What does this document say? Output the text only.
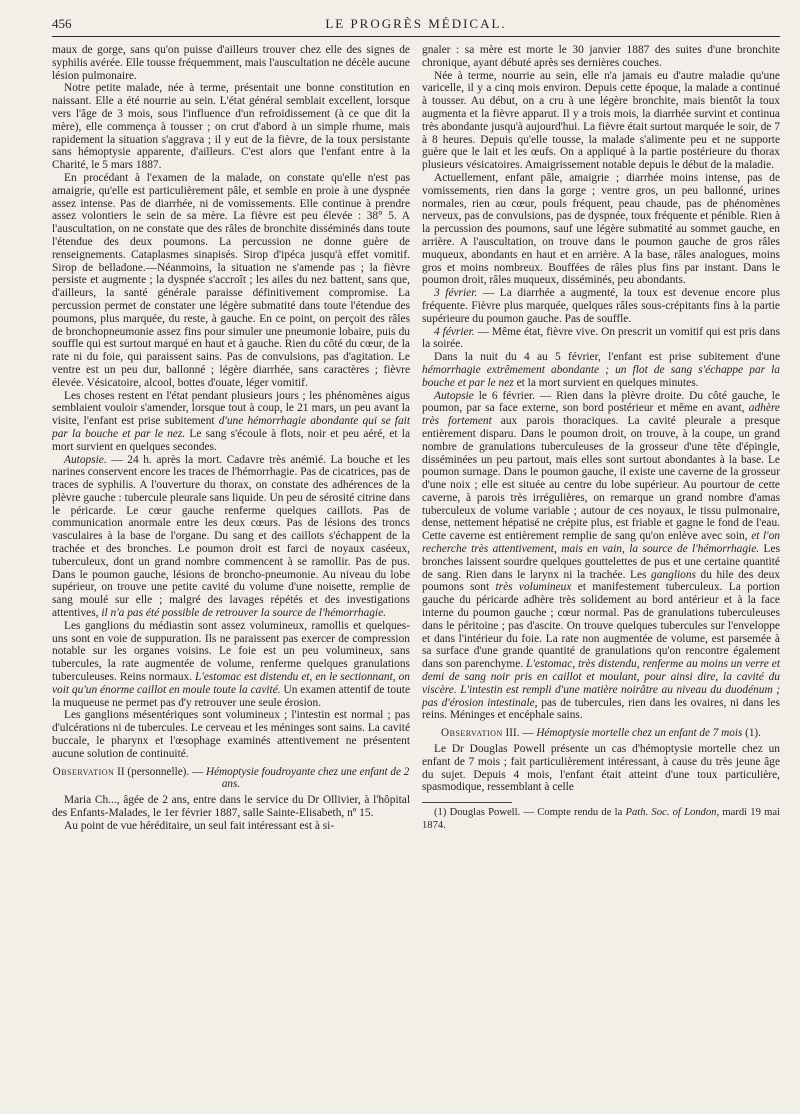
456	LE PROGRÈS MÉDICAL.

maux de gorge, sans qu'on puisse d'ailleurs trouver chez elle des signes de syphilis avérée. Elle tousse fréquemment, mais l'auscultation ne décèle aucune lésion pulmonaire.

Notre petite malade, née à terme, présentait une bonne constitution en naissant. Elle a été nourrie au sein. L'état général semblait excellent, lorsque vers l'âge de 3 mois, sous l'influence d'un refroidissement (à ce que dit la mère), elle commença à tousser ; on crut d'abord à un simple rhume, mais rapidement la situation s'aggrava ; il y eut de la fièvre, de la toux persistante sans hémoptysie apparente, d'ailleurs. C'est alors que l'enfant entre à la Charité, le 5 mars 1887.

En procédant à l'examen de la malade, on constate qu'elle n'est pas amaigrie, qu'elle est particulièrement pâle, et semble en proie à une dyspnée assez intense. Pas de diarrhée, ni de vomissements. Elle continue à prendre assez volontiers le sein de sa mère. La fièvre est peu élevée : 38° 5. A l'auscultation, on ne constate que des râles de bronchite disséminés dans toute l'étendue des deux poumons. La percussion ne donne guère de renseignements. Cataplasmes sinapisés. Sirop d'ipéca jusqu'à effet vomitif. Sirop de belladone.—Néanmoins, la situation ne s'amende pas ; la fièvre persiste et augmente ; la dyspnée s'accroît ; les ailes du nez battent, sans que, d'ailleurs, la santé générale paraisse définitivement compromise. La percussion permet de constater une légère submatité dans toute l'étendue des poumons, plus marquée, du reste, à gauche. En ce point, on perçoit des râles de bronchopneumonie assez fins pour simuler une pneumonie lobaire, puis du souffle qui est surtout marqué en haut et à gauche. Rien du côté du cœur, de la rate ni du foie, qui paraissent sains. Pas de convulsions, pas d'agitation. Le ventre est un peu dur, ballonné ; légère diarrhée, sans caractères ; fièvre élevée. Vésicatoire, alcool, bottes d'ouate, léger vomitif.

Les choses restent en l'état pendant plusieurs jours ; les phénomènes aigus semblaient vouloir s'amender, lorsque tout à coup, le 21 mars, un peu avant la visite, l'enfant est prise subitement d'une hémorrhagie abondante qui se fait par la bouche et par le nez. Le sang s'écoule à flots, noir et peu aéré, et la mort survient en quelques secondes.

Autopsie. — 24 h. après la mort. Cadavre très anémié. La bouche et les narines conservent encore les traces de l'hémorrhagie. Pas de cicatrices, pas de traces de syphilis. A l'ouverture du thorax, on constate des adhérences de la plèvre gauche : tubercule pleurale sans liquide. Un peu de sérosité citrine dans le péricarde. Le cœur gauche renferme quelques caillots. Pas de communication anormale entre les deux cœurs. Pas de lésions des troncs vasculaires à la base de l'organe. Du sang et des caillots s'échappent de la trachée et des bronches. Le poumon droit est farci de noyaux caséeux, tuberculeux, dont un grand nombre commencent à se ramollir. Pas de pus. Dans le poumon gauche, lésions de broncho-pneumonie. Au niveau du lobe supérieur, on trouve une petite cavité du volume d'une noisette, remplie de sang moulé sur elle ; malgré des lavages répétés et des investigations attentives, il n'a pas été possible de retrouver la source de l'hémorrhagie.

Les ganglions du médiastin sont assez volumineux, ramollis et quelques-uns sont en voie de suppuration. Ils ne paraissent pas exercer de compression notable sur les organes voisins. Le foie est un peu volumineux, sans tubercules, la rate augmentée de volume, renferme quelques granulations tuberculeuses. Reins normaux. L'estomac est distendu et, en le sectionnant, on voit qu'un énorme caillot en moule toute la cavité. Un examen attentif de toute la muqueuse ne permet pas d'y retrouver une seule érosion.

Les ganglions mésentériques sont volumineux ; l'intestin est normal ; pas d'ulcérations ni de tubercules. Le cerveau et les méninges sont sains. La cavité buccale, le pharynx et l'œsophage examinés attentivement ne présentent aucune solution de continuité.

Observation II (personnelle). — Hémoptysie foudroyante chez une enfant de 2 ans.

Maria Ch..., âgée de 2 ans, entre dans le service du Dr Ollivier, à l'hôpital des Enfants-Malades, le 1er février 1887, salle Sainte-Elisabeth, nº 15.

Au point de vue héréditaire, un seul fait intéressant est à si-

gnaler : sa mère est morte le 30 janvier 1887 des suites d'une bronchite chronique, ayant débuté après ses dernières couches.

Née à terme, nourrie au sein, elle n'a jamais eu d'autre maladie qu'une varicelle, il y a cinq mois environ. Depuis cette époque, la malade a continué à tousser. Au début, on a cru à une légère bronchite, mais bientôt la toux augmenta et la fièvre apparut. Il y a trois mois, la diarrhée survint et continua très abondante jusqu'à aujourd'hui. La fièvre était surtout marquée le soir, de 7 à 8 heures. Depuis qu'elle tousse, la malade s'alimente peu et ne supporte guère que le lait et les œufs. On a appliqué à la partie postérieure du thorax plusieurs vésicatoires. Amaigrissement notable depuis le début de la maladie.

Actuellement, enfant pâle, amaigrie ; diarrhée moins intense, pas de vomissements, rien dans la gorge ; ventre gros, un peu ballonné, urines normales, rien au cœur, pouls fréquent, peau chaude, pas de phénomènes nerveux, pas de convulsions, pas de dyspnée, toux fréquente et pénible. Rien à la percussion des poumons, sauf une légère submatité au sommet gauche, en arrière. A l'auscultation, on trouve dans le poumon gauche de gros râles muqueux, abondants en haut et en arrière. A la base, râles analogues, moins gros et moins nombreux. Bouffées de râles plus fins par instant. Dans le poumon droit, râles muqueux, disséminés, peu abondants.

3 février. — La diarrhée a augmenté, la toux est devenue encore plus fréquente. Fièvre plus marquée, quelques râles sous-crépitants fins à la partie supérieure du poumon gauche. Pas de souffle.

4 février. — Même état, fièvre vive. On prescrit un vomitif qui est pris dans la soirée.

Dans la nuit du 4 au 5 février, l'enfant est prise subitement d'une hémorrhagie extrêmement abondante ; un flot de sang s'échappe par la bouche et par le nez et la mort survient en quelques minutes.

Autopsie le 6 février. — Rien dans la plèvre droite. Du côté gauche, le poumon, par sa face externe, son bord postérieur et même en avant, adhère très fortement aux parois thoraciques. La cavité pleurale a presque entièrement disparu. Dans le poumon droit, on trouve, à la coupe, un grand nombre de granulations tuberculeuses de la grosseur d'une tête d'épingle, disséminées un peu partout, mais elles sont surtout abondantes à la base. Le poumon surnage. Dans le poumon gauche, il existe une caverne de la grosseur d'une noix ; elle est située au centre du lobe supérieur. Au pourtour de cette caverne, à parois très irrégulières, on remarque un grand nombre d'amas tuberculeux de volume variable ; autour de ces noyaux, le tissu pulmonaire, dense, nettement hépatisé ne crépite plus, est friable et gagne le fond de l'eau. Cette caverne est entièrement remplie de sang qu'on enlève avec soin, et l'on recherche très attentivement, mais en vain, la source de l'hémorrhagie. Les bronches laissent sourdre quelques gouttelettes de pus et une certaine quantité de sang. Rien dans le larynx ni la trachée. Les ganglions du hile des deux poumons sont très volumineux et manifestement tuberculeux. La portion gauche du péricarde adhère très solidement au bord antérieur et à la face interne du poumon gauche ; cœur normal. Pas de granulations tuberculeuses dans le péritoine ; pas d'ascite. On trouve quelques tubercules sur l'enveloppe et dans l'intérieur du foie. La rate non augmentée de volume, est parsemée à sa surface d'une grande quantité de granulations qu'on rencontre également dans son parenchyme. L'estomac, très distendu, renferme au moins un verre et demi de sang noir pris en caillot et moulant, pour ainsi dire, la cavité du viscère. L'intestin est rempli d'une matière noirâtre au niveau du duodénum ; pas d'érosion intestinale, pas de tubercules, rien dans les ovaires, ni dans les reins. Méninges et encéphale sains.

Observation III. — Hémoptysie mortelle chez un enfant de 7 mois (1).

Le Dr Douglas Powell présente un cas d'hémoptysie mortelle chez un enfant de 7 mois ; fait particulièrement intéressant, à cause du très jeune âge du sujet. Depuis 4 mois, l'enfant était atteint d'une toux particulière, spasmodique, ressemblant à celle

(1) Douglas Powell. — Compte rendu de la Path. Soc. of London, mardi 19 mai 1874.
